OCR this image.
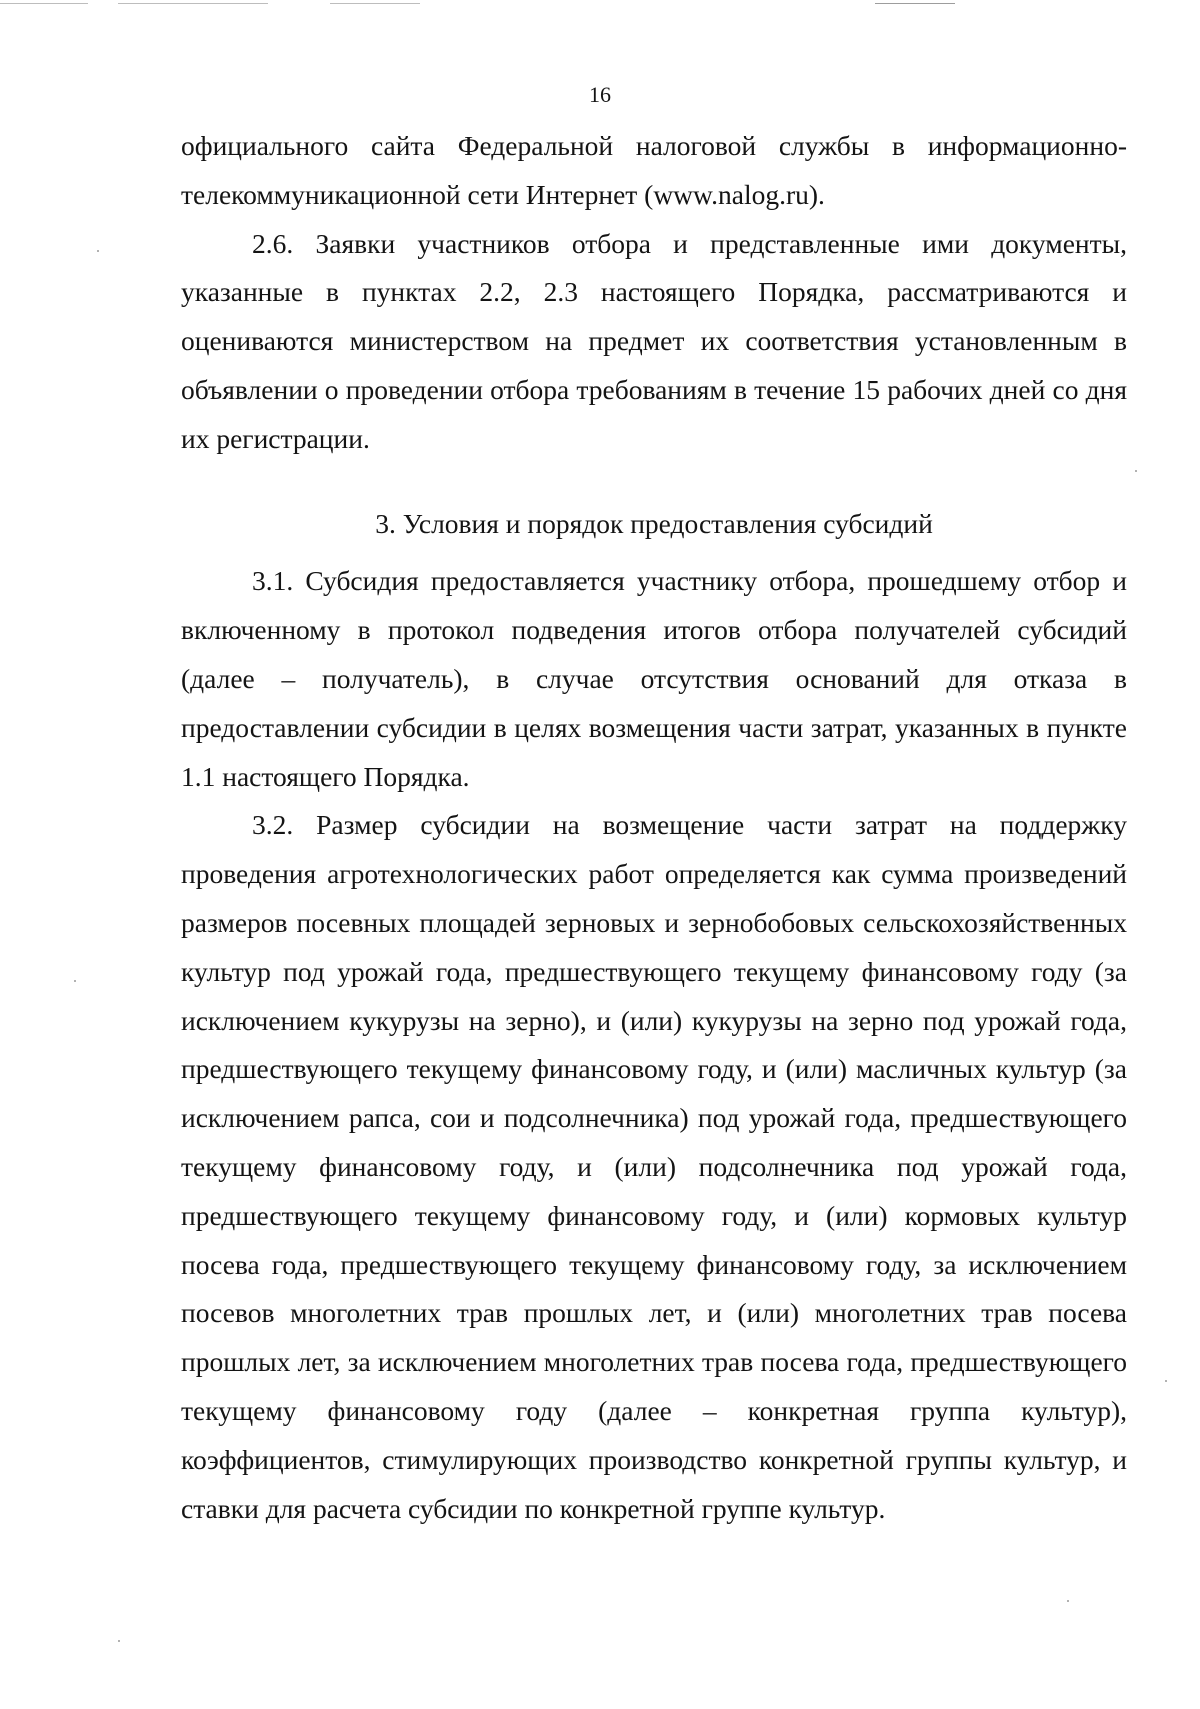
16

официального сайта Федеральной налоговой службы в информационно-телекоммуникационной сети Интернет (www.nalog.ru).

2.6. Заявки участников отбора и представленные ими документы, указанные в пунктах 2.2, 2.3 настоящего Порядка, рассматриваются и оцениваются министерством на предмет их соответствия установленным в объявлении о проведении отбора требованиям в течение 15 рабочих дней со дня их регистрации.

3. Условия и порядок предоставления субсидий

3.1. Субсидия предоставляется участнику отбора, прошедшему отбор и включенному в протокол подведения итогов отбора получателей субсидий (далее – получатель), в случае отсутствия оснований для отказа в предоставлении субсидии в целях возмещения части затрат, указанных в пункте 1.1 настоящего Порядка.

3.2. Размер субсидии на возмещение части затрат на поддержку проведения агротехнологических работ определяется как сумма произведений размеров посевных площадей зерновых и зернобобовых сельскохозяйственных культур под урожай года, предшествующего текущему финансовому году (за исключением кукурузы на зерно), и (или) кукурузы на зерно под урожай года, предшествующего текущему финансовому году, и (или) масличных культур (за исключением рапса, сои и подсолнечника) под урожай года, предшествующего текущему финансовому году, и (или) подсолнечника под урожай года, предшествующего текущему финансовому году, и (или) кормовых культур посева года, предшествующего текущему финансовому году, за исключением посевов многолетних трав прошлых лет, и (или) многолетних трав посева прошлых лет, за исключением многолетних трав посева года, предшествующего текущему финансовому году (далее – конкретная группа культур), коэффициентов, стимулирующих производство конкретной группы культур, и ставки для расчета субсидии по конкретной группе культур.
